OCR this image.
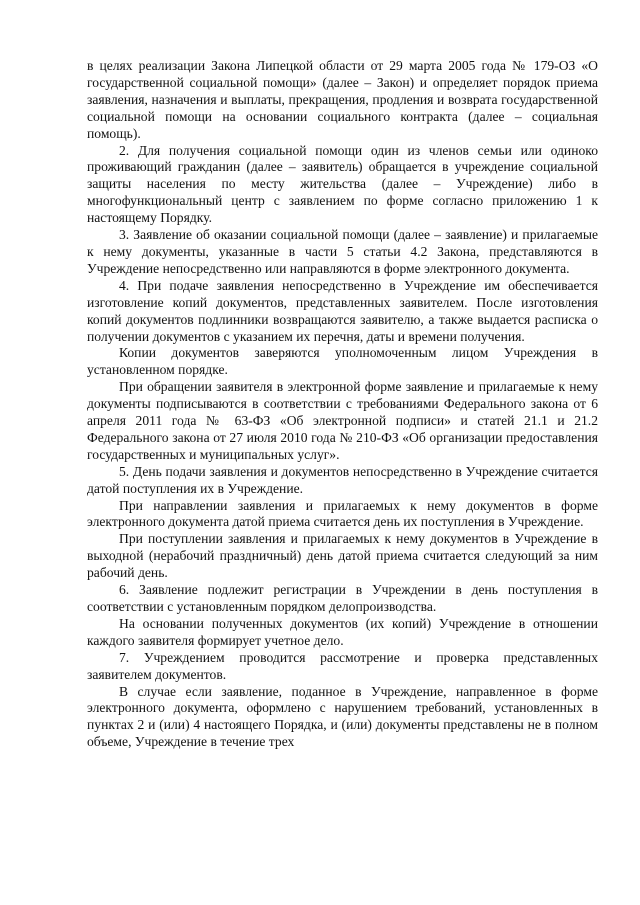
в целях реализации Закона Липецкой области от 29 марта 2005 года № 179-ОЗ «О государственной социальной помощи» (далее – Закон) и определяет порядок приема заявления, назначения и выплаты, прекращения, продления и возврата государственной социальной помощи на основании социального контракта (далее – социальная помощь).

2. Для получения социальной помощи один из членов семьи или одиноко проживающий гражданин (далее – заявитель) обращается в учреждение социальной защиты населения по месту жительства (далее – Учреждение) либо в многофункциональный центр с заявлением по форме согласно приложению 1 к настоящему Порядку.

3. Заявление об оказании социальной помощи (далее – заявление) и прилагаемые к нему документы, указанные в части 5 статьи 4.2 Закона, представляются в Учреждение непосредственно или направляются в форме электронного документа.

4. При подаче заявления непосредственно в Учреждение им обеспечивается изготовление копий документов, представленных заявителем. После изготовления копий документов подлинники возвращаются заявителю, а также выдается расписка о получении документов с указанием их перечня, даты и времени получения.

Копии документов заверяются уполномоченным лицом Учреждения в установленном порядке.

При обращении заявителя в электронной форме заявление и прилагаемые к нему документы подписываются в соответствии с требованиями Федерального закона от 6 апреля 2011 года № 63-ФЗ «Об электронной подписи» и статей 21.1 и 21.2 Федерального закона от 27 июля 2010 года № 210-ФЗ «Об организации предоставления государственных и муниципальных услуг».

5. День подачи заявления и документов непосредственно в Учреждение считается датой поступления их в Учреждение.

При направлении заявления и прилагаемых к нему документов в форме электронного документа датой приема считается день их поступления в Учреждение.

При поступлении заявления и прилагаемых к нему документов в Учреждение в выходной (нерабочий праздничный) день датой приема считается следующий за ним рабочий день.

6. Заявление подлежит регистрации в Учреждении в день поступления в соответствии с установленным порядком делопроизводства.

На основании полученных документов (их копий) Учреждение в отношении каждого заявителя формирует учетное дело.

7. Учреждением проводится рассмотрение и проверка представленных заявителем документов.

В случае если заявление, поданное в Учреждение, направленное в форме электронного документа, оформлено с нарушением требований, установленных в пунктах 2 и (или) 4 настоящего Порядка, и (или) документы представлены не в полном объеме, Учреждение в течение трех
